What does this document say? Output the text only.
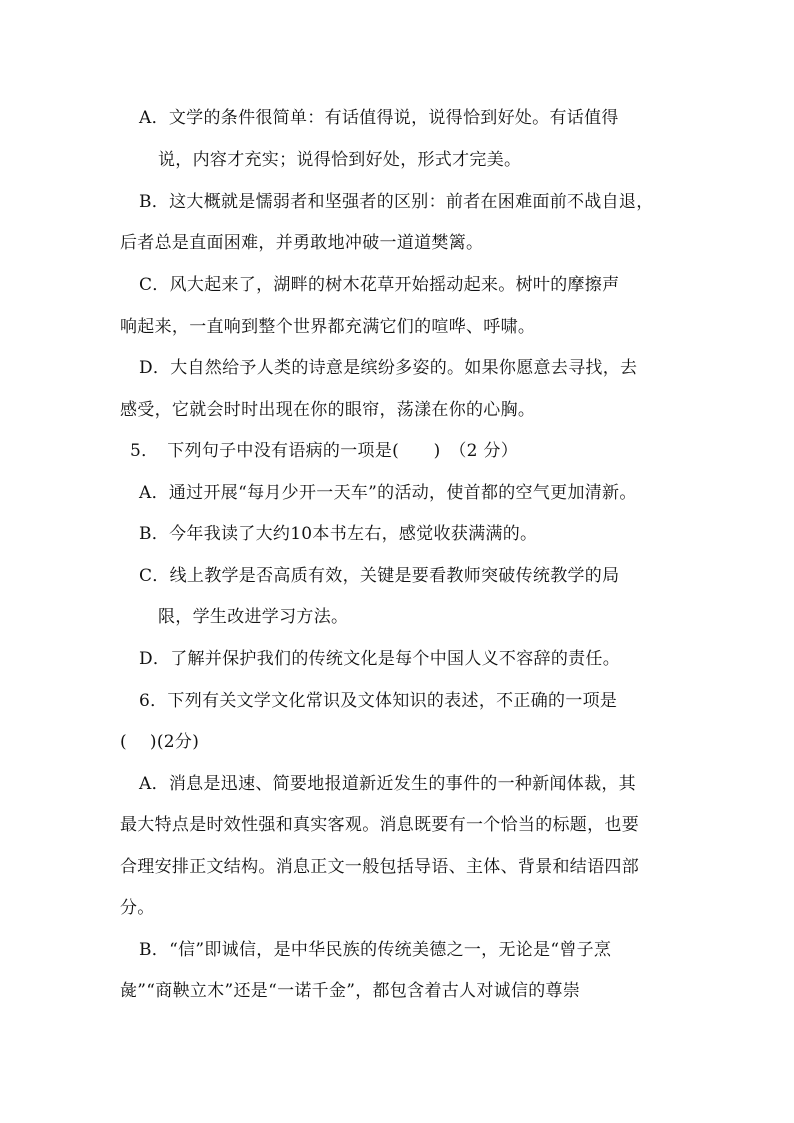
A．文学的条件很简单：有话值得说，说得恰到好处。有话值得
说，内容才充实；说得恰到好处，形式才完美。
B．这大概就是懦弱者和坚强者的区别：前者在困难面前不战自退，
后者总是直面困难，并勇敢地冲破一道道樊篱。
C．风大起来了，湖畔的树木花草开始摇动起来。树叶的摩擦声
响起来，一直响到整个世界都充满它们的喧哗、呼啸。
D．大自然给予人类的诗意是缤纷多姿的。如果你愿意去寻找，去
感受，它就会时时出现在你的眼帘，荡漾在你的心胸。
5．　下列句子中没有语病的一项是(　　)　（2 分）
A．通过开展“每月少开一天车”的活动，使首都的空气更加清新。
B．今年我读了大约10本书左右，感觉收获满满的。
C．线上教学是否高质有效，关键是要看教师突破传统教学的局
限，学生改进学习方法。
D．了解并保护我们的传统文化是每个中国人义不容辞的责任。
6．下列有关文学文化常识及文体知识的表述，不正确的一项是
(　 )(2分)
A．消息是迅速、简要地报道新近发生的事件的一种新闻体裁，其
最大特点是时效性强和真实客观。消息既要有一个恰当的标题，也要
合理安排正文结构。消息正文一般包括导语、主体、背景和结语四部
分。
B．“信”即诚信，是中华民族的传统美德之一，无论是“曾子烹
彘”“商鞅立木”还是“一诺千金”，都包含着古人对诚信的尊崇
